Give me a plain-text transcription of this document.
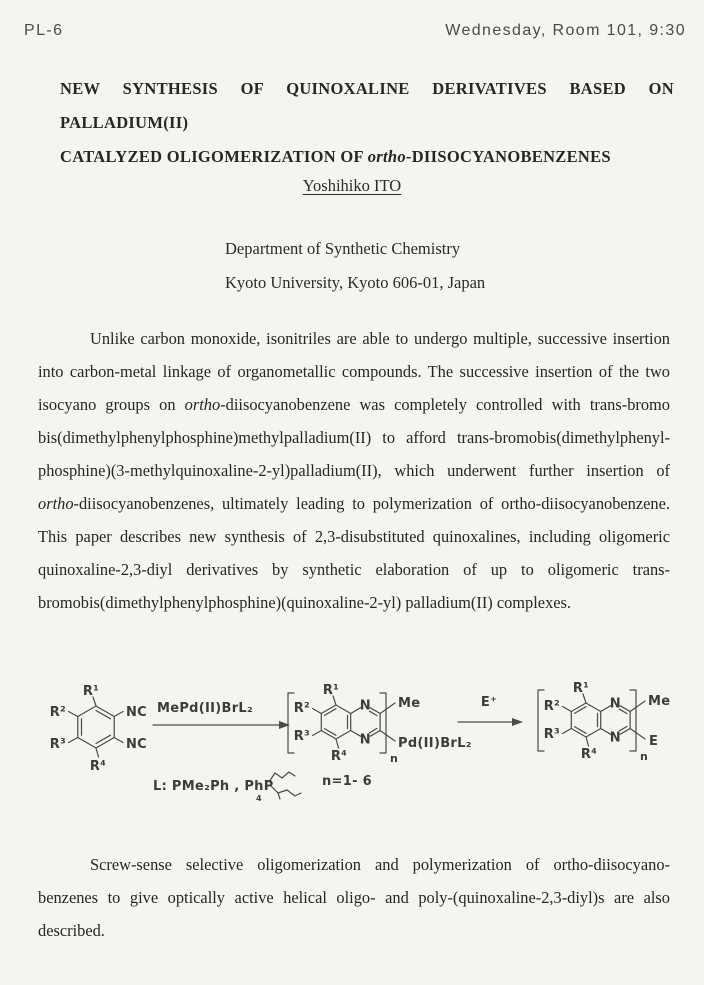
PL-6	Wednesday, Room 101, 9:30
NEW SYNTHESIS OF QUINOXALINE DERIVATIVES BASED ON PALLADIUM(II)
CATALYZED OLIGOMERIZATION OF ortho-DIISOCYANOBENZENES
Yoshihiko ITO
Department of Synthetic Chemistry
Kyoto University, Kyoto 606-01, Japan
Unlike carbon monoxide, isonitriles are able to undergo multiple, successive insertion
into carbon-metal linkage of organometallic compounds. The successive insertion of the two
isocyano groups on ortho-diisocyanobenzene was completely controlled with trans-bromo
bis(dimethylphenylphosphine)methylpalladium(II) to afford trans-bromobis(dimethylphenyl-
phosphine)(3-methylquinoxaline-2-yl)palladium(II), which underwent further insertion of
ortho-diisocyanobenzenes, ultimately leading to polymerization of ortho-diisocyanobenzene.
This paper describes new synthesis of 2,3-disubstituted quinoxalines, including oligomeric
quinoxaline-2,3-diyl derivatives by synthetic elaboration of up to oligomeric trans-
bromobis(dimethylphenylphosphine)(quinoxaline-2-yl) palladium(II) complexes.
R¹
R²
R³
R⁴
NC
NC
MePd(II)BrL₂
L: PMe₂Ph , PhP
4
n=1- 6
N
N
R¹
R²
R³
R⁴
Me
Pd(II)BrL₂
n
E⁺	N
N
R¹
R²
R³
R⁴
Me
E
n
Screw-sense selective oligomerization and polymerization of ortho-diisocyano-
benzenes to give optically active helical oligo- and poly-(quinoxaline-2,3-diyl)s are also
described.
